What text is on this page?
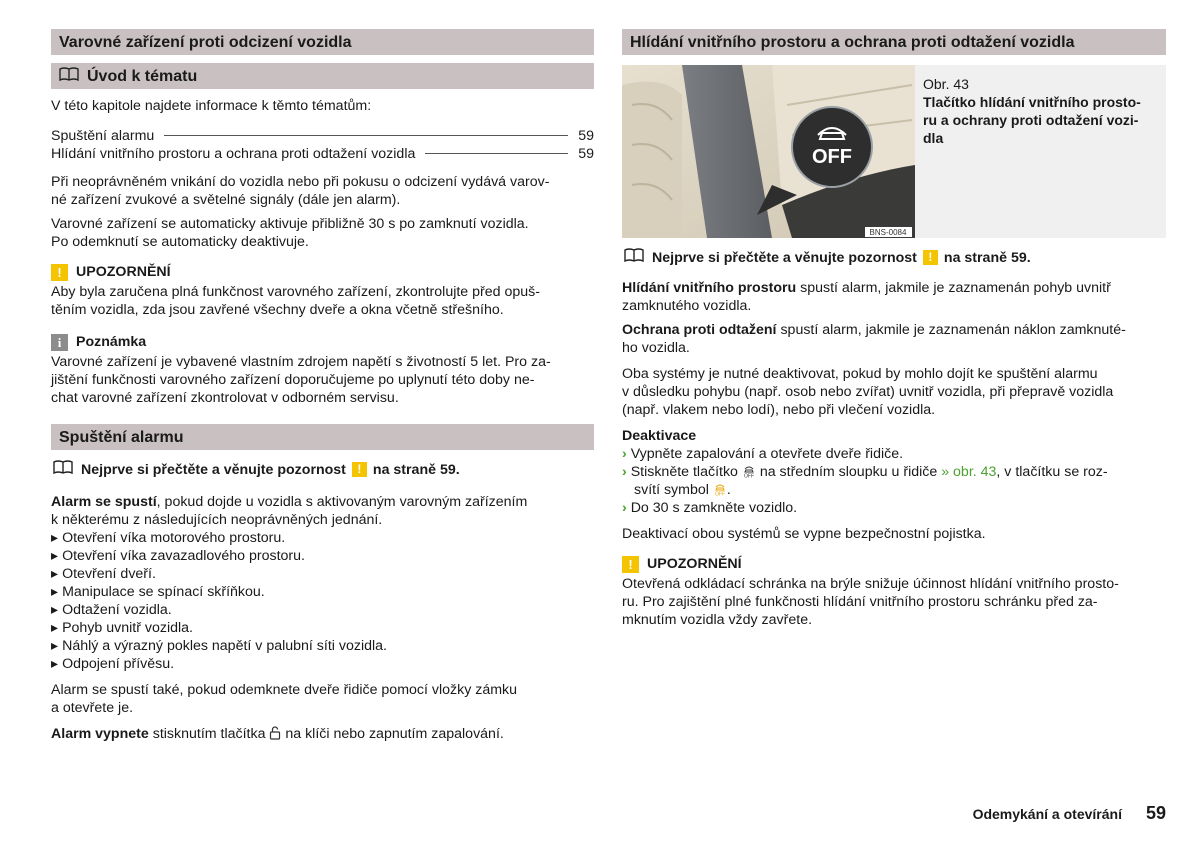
Varovné zařízení proti odcizení vozidla
Úvod k tématu

V této kapitole najdete informace k těmto tématům:

Spuštění alarmu	59
Hlídání vnitřního prostoru a ochrana proti odtažení vozidla	59

Při neoprávněném vnikání do vozidla nebo při pokusu o odcizení vydává varov-
né zařízení zvukové a světelné signály (dále jen alarm).

Varovné zařízení se automaticky aktivuje přibližně 30 s po zamknutí vozidla.
Po odemknutí se automaticky deaktivuje.

!	UPOZORNĚNÍ

Aby byla zaručena plná funkčnost varovného zařízení, zkontrolujte před opuš-
těním vozidla, zda jsou zavřené všechny dveře a okna včetně střešního.

i	Poznámka

Varovné zařízení je vybavené vlastním zdrojem napětí s životností 5 let. Pro za-
jištění funkčnosti varovného zařízení doporučujeme po uplynutí této doby ne-
chat varovné zařízení zkontrolovat v odborném servisu.

Spuštění alarmu
Nejprve si přečtěte a věnujte pozornost ! na straně 59.

Alarm se spustí, pokud dojde u vozidla s aktivovaným varovným zařízením
k některému z následujících neoprávněných jednání.

▸ Otevření víka motorového prostoru.
▸ Otevření víka zavazadlového prostoru.
▸ Otevření dveří.
▸ Manipulace se spínací skříňkou.
▸ Odtažení vozidla.
▸ Pohyb uvnitř vozidla.
▸ Náhlý a výrazný pokles napětí v palubní síti vozidla.
▸ Odpojení přívěsu.

Alarm se spustí také, pokud odemknete dveře řidiče pomocí vložky zámku
a otevřete je.

Alarm vypnete stisknutím tlačítka  na klíči nebo zapnutím zapalování.

Hlídání vnitřního prostoru a ochrana proti odtažení vozidla
OFF
BNS-0084
Obr. 43
Tlačítko hlídání vnitřního prosto-
ru a ochrany proti odtažení vozi-
dla
Nejprve si přečtěte a věnujte pozornost ! na straně 59.

Hlídání vnitřního prostoru spustí alarm, jakmile je zaznamenán pohyb uvnitř
zamknutého vozidla.

Ochrana proti odtažení spustí alarm, jakmile je zaznamenán náklon zamknuté-
ho vozidla.

Oba systémy je nutné deaktivovat, pokud by mohlo dojít ke spuštění alarmu
v důsledku pohybu (např. osob nebo zvířat) uvnitř vozidla, při přepravě vozidla
(např. vlakem nebo lodí), nebo při vlečení vozidla.

Deaktivace

› Vypněte zapalování a otevřete dveře řidiče.
› Stiskněte tlačítko OFF na středním sloupku u řidiče » obr. 43, v tlačítku se roz-
svítí symbol OFF .
› Do 30 s zamkněte vozidlo.

Deaktivací obou systémů se vypne bezpečnostní pojistka.

!	UPOZORNĚNÍ

Otevřená odkládací schránka na brýle snižuje účinnost hlídání vnitřního prosto-
ru. Pro zajištění plné funkčnosti hlídání vnitřního prostoru schránku před za-
mknutím vozidla vždy zavřete.

Odemykání a otevírání 59
